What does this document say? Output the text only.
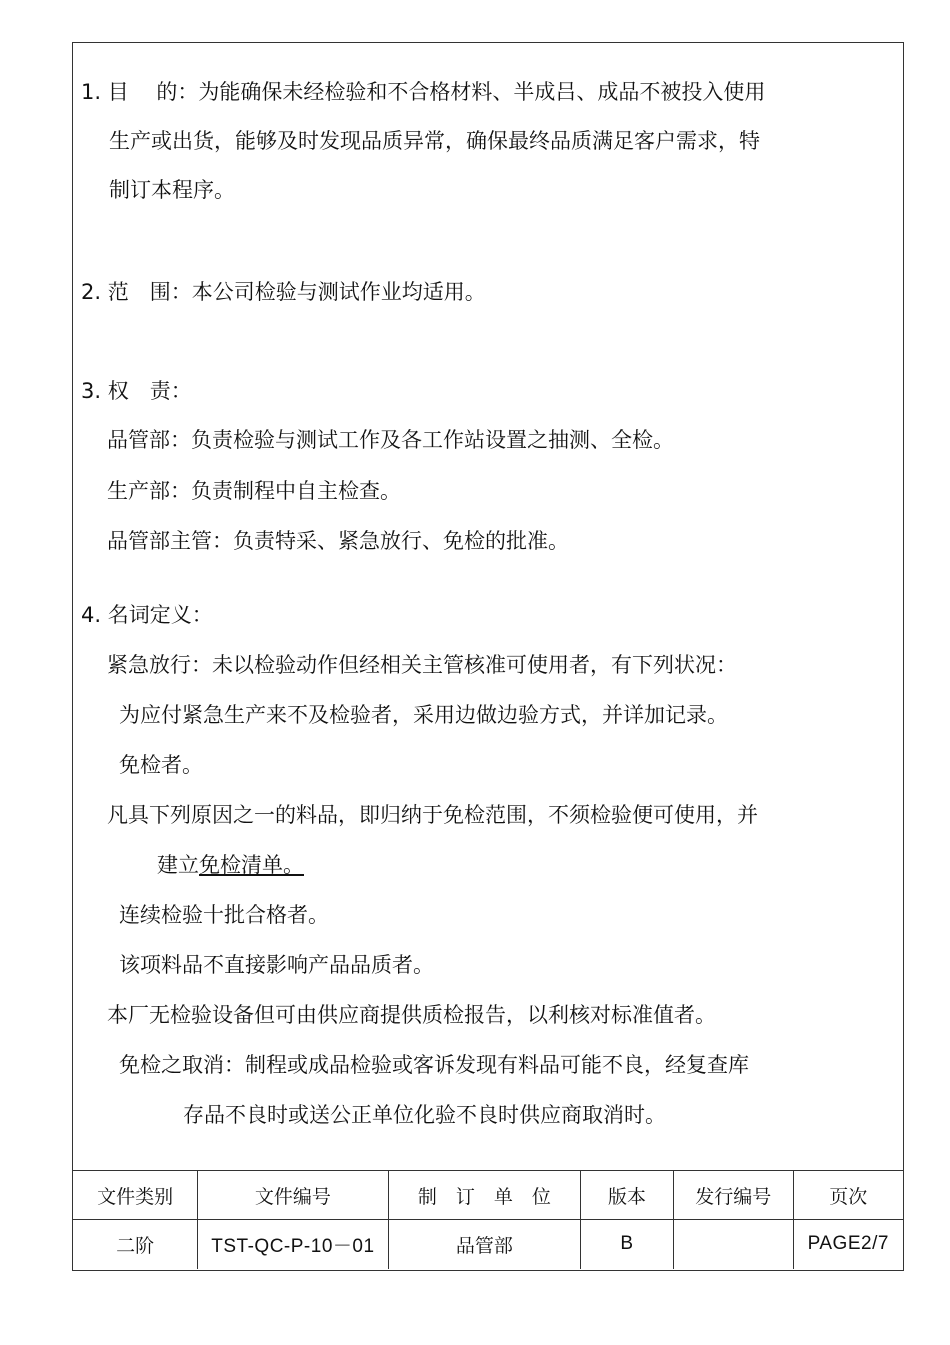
1. 目　 的：为能确保未经检验和不合格材料、半成吕、成品不被投入使用
生产或出货，能够及时发现品质异常，确保最终品质满足客户需求，特
制订本程序。
2. 范　围：本公司检验与测试作业均适用。
3. 权　责：
品管部：负责检验与测试工作及各工作站设置之抽测、全检。
生产部：负责制程中自主检查。
品管部主管：负责特采、紧急放行、免检的批准。
4. 名词定义：
紧急放行：未以检验动作但经相关主管核准可使用者，有下列状况：
为应付紧急生产来不及检验者，采用边做边验方式，并详加记录。
免检者。
凡具下列原因之一的料品，即归纳于免检范围，不须检验便可使用，并
建立免检清单。
连续检验十批合格者。
该项料品不直接影响产品品质者。
本厂无检验设备但可由供应商提供质检报告，以利核对标准值者。
免检之取消：制程或成品检验或客诉发现有料品可能不良，经复查库
存品不良时或送公正单位化验不良时供应商取消时。
文件类别	文件编号	制　订　单　位	版本	发行编号	页次
二阶	TST-QC-P-10－01	品管部	B		PAGE2/7
